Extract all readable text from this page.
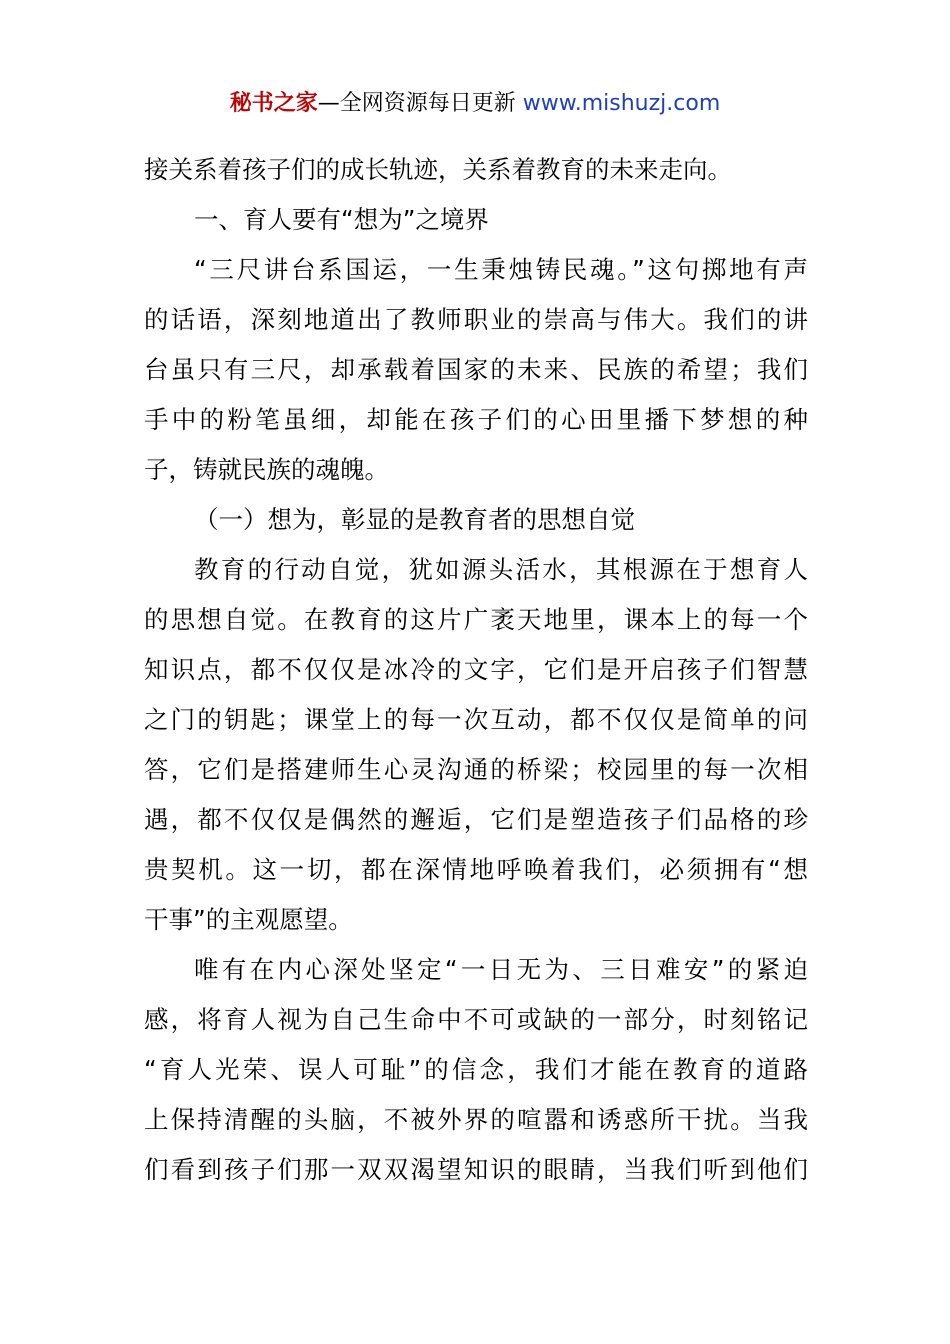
秘书之家—全网资源每日更新 www.mishuzj.com
接关系着孩子们的成长轨迹，关系着教育的未来走向。
一、育人要有“想为”之境界
“三尺讲台系国运，一生秉烛铸民魂。”这句掷地有声
的话语，深刻地道出了教师职业的崇高与伟大。我们的讲
台虽只有三尺，却承载着国家的未来、民族的希望；我们
手中的粉笔虽细，却能在孩子们的心田里播下梦想的种
子，铸就民族的魂魄。
（一）想为，彰显的是教育者的思想自觉
教育的行动自觉，犹如源头活水，其根源在于想育人
的思想自觉。在教育的这片广袤天地里，课本上的每一个
知识点，都不仅仅是冰冷的文字，它们是开启孩子们智慧
之门的钥匙；课堂上的每一次互动，都不仅仅是简单的问
答，它们是搭建师生心灵沟通的桥梁；校园里的每一次相
遇，都不仅仅是偶然的邂逅，它们是塑造孩子们品格的珍
贵契机。这一切，都在深情地呼唤着我们，必须拥有“想
干事”的主观愿望。
唯有在内心深处坚定“一日无为、三日难安”的紧迫
感，将育人视为自己生命中不可或缺的一部分，时刻铭记
“育人光荣、误人可耻”的信念，我们才能在教育的道路
上保持清醒的头脑，不被外界的喧嚣和诱惑所干扰。当我
们看到孩子们那一双双渴望知识的眼睛，当我们听到他们
